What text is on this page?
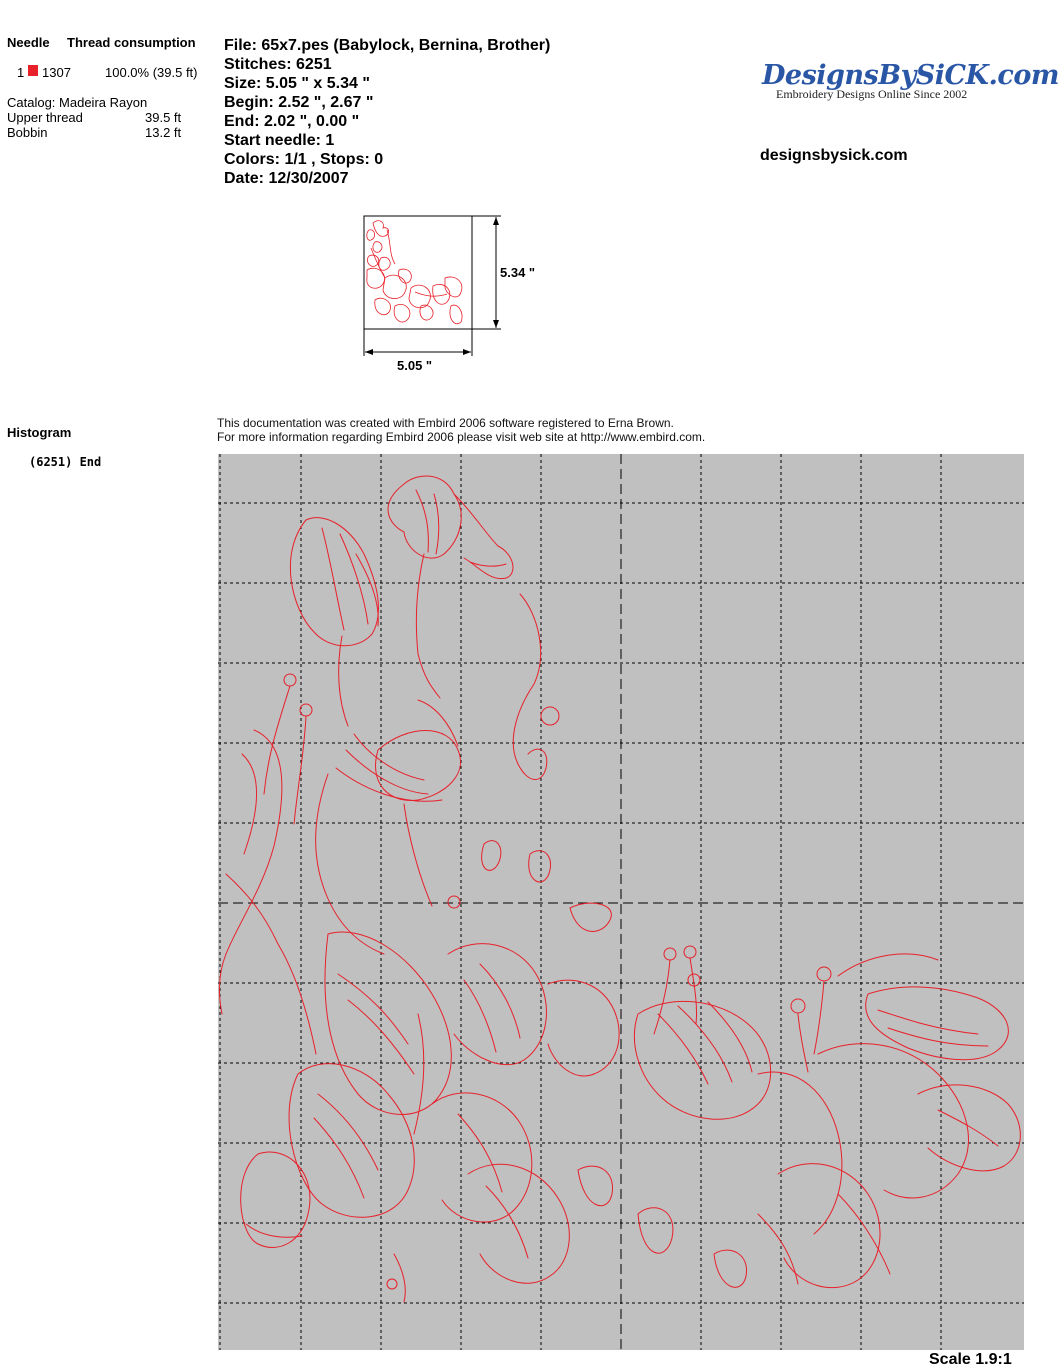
Needle Thread consumption
1 1307	100.0% (39.5 ft)
Catalog: Madeira Rayon
Upper thread	39.5 ft
Bobbin	13.2 ft
File: 65x7.pes (Babylock, Bernina, Brother)
Stitches: 6251
Size: 5.05 " x 5.34 "
Begin: 2.52 ", 2.67 "
End: 2.02 ", 0.00 "
Start needle: 1
Colors: 1/1 , Stops: 0
Date: 12/30/2007
DesignsBySiCK.com
Embroidery Designs Online Since 2002
designsbysick.com
5.34 "
5.05 "
Histogram
(6251) End
This documentation was created with Embird 2006 software registered to Erna Brown.
For more information regarding Embird 2006 please visit web site at http://www.embird.com.
Scale 1.9:1
